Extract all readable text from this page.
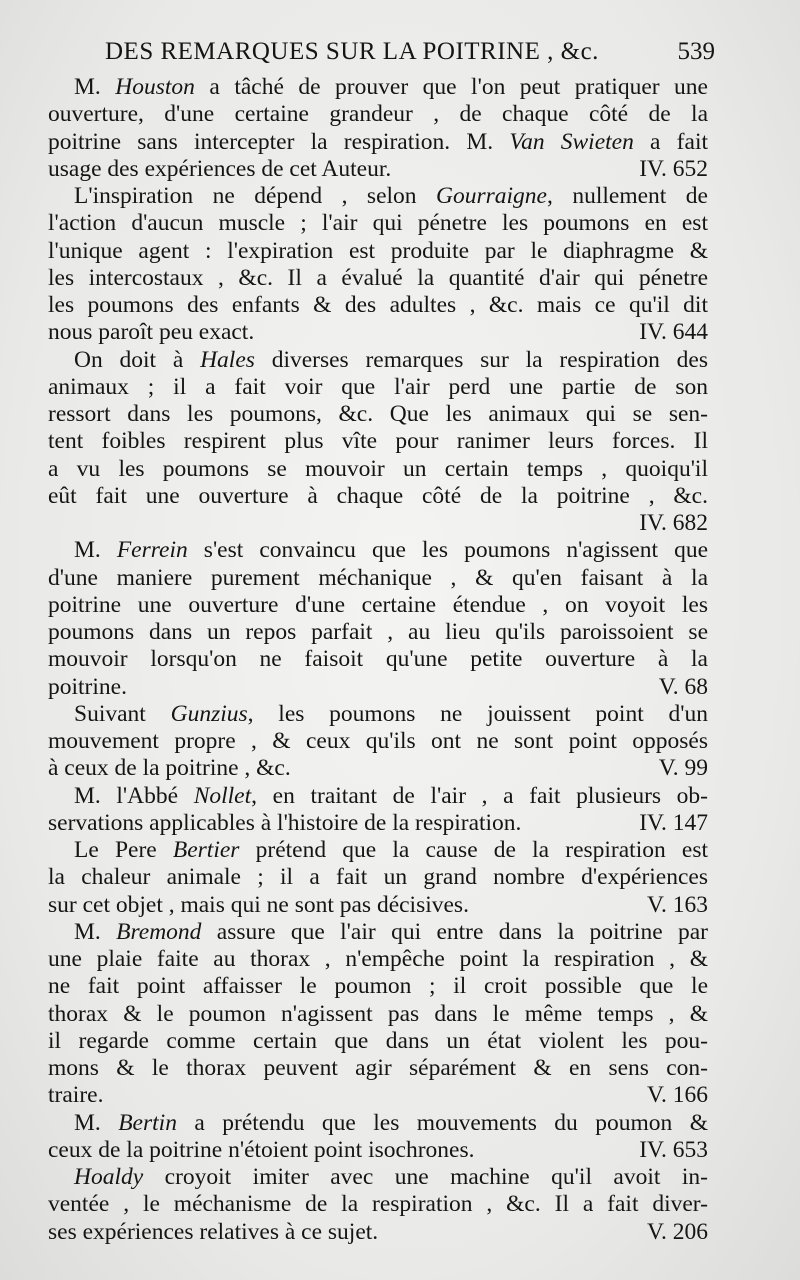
DES REMARQUES SUR LA POITRINE , &c.	539
M. Houston a tâché de prouver que l'on peut pratiquer une
ouverture, d'une certaine grandeur , de chaque côté de la
poitrine sans intercepter la respiration. M. Van Swieten a fait
usage des expériences de cet Auteur.	IV. 652
L'inspiration ne dépend , selon Gourraigne, nullement de
l'action d'aucun muscle ; l'air qui pénetre les poumons en est
l'unique agent : l'expiration est produite par le diaphragme &
les intercostaux , &c. Il a évalué la quantité d'air qui pénetre
les poumons des enfants & des adultes , &c. mais ce qu'il dit
nous paroît peu exact.	IV. 644
On doit à Hales diverses remarques sur la respiration des
animaux ; il a fait voir que l'air perd une partie de son
ressort dans les poumons, &c. Que les animaux qui se sen-
tent foibles respirent plus vîte pour ranimer leurs forces. Il
a vu les poumons se mouvoir un certain temps , quoiqu'il
eût fait une ouverture à chaque côté de la poitrine , &c.
IV. 682
M. Ferrein s'est convaincu que les poumons n'agissent que
d'une maniere purement méchanique , & qu'en faisant à la
poitrine une ouverture d'une certaine étendue , on voyoit les
poumons dans un repos parfait , au lieu qu'ils paroissoient se
mouvoir lorsqu'on ne faisoit qu'une petite ouverture à la
poitrine.	V. 68
Suivant Gunzius, les poumons ne jouissent point d'un
mouvement propre , & ceux qu'ils ont ne sont point opposés
à ceux de la poitrine , &c.	V. 99
M. l'Abbé Nollet, en traitant de l'air , a fait plusieurs ob-
servations applicables à l'histoire de la respiration.	IV. 147
Le Pere Bertier prétend que la cause de la respiration est
la chaleur animale ; il a fait un grand nombre d'expériences
sur cet objet , mais qui ne sont pas décisives.	V. 163
M. Bremond assure que l'air qui entre dans la poitrine par
une plaie faite au thorax , n'empêche point la respiration , &
ne fait point affaisser le poumon ; il croit possible que le
thorax & le poumon n'agissent pas dans le même temps , &
il regarde comme certain que dans un état violent les pou-
mons & le thorax peuvent agir séparément & en sens con-
traire.	V. 166
M. Bertin a prétendu que les mouvements du poumon &
ceux de la poitrine n'étoient point isochrones.	IV. 653
Hoaldy croyoit imiter avec une machine qu'il avoit in-
ventée , le méchanisme de la respiration , &c. Il a fait diver-
ses expériences relatives à ce sujet.	V. 206
